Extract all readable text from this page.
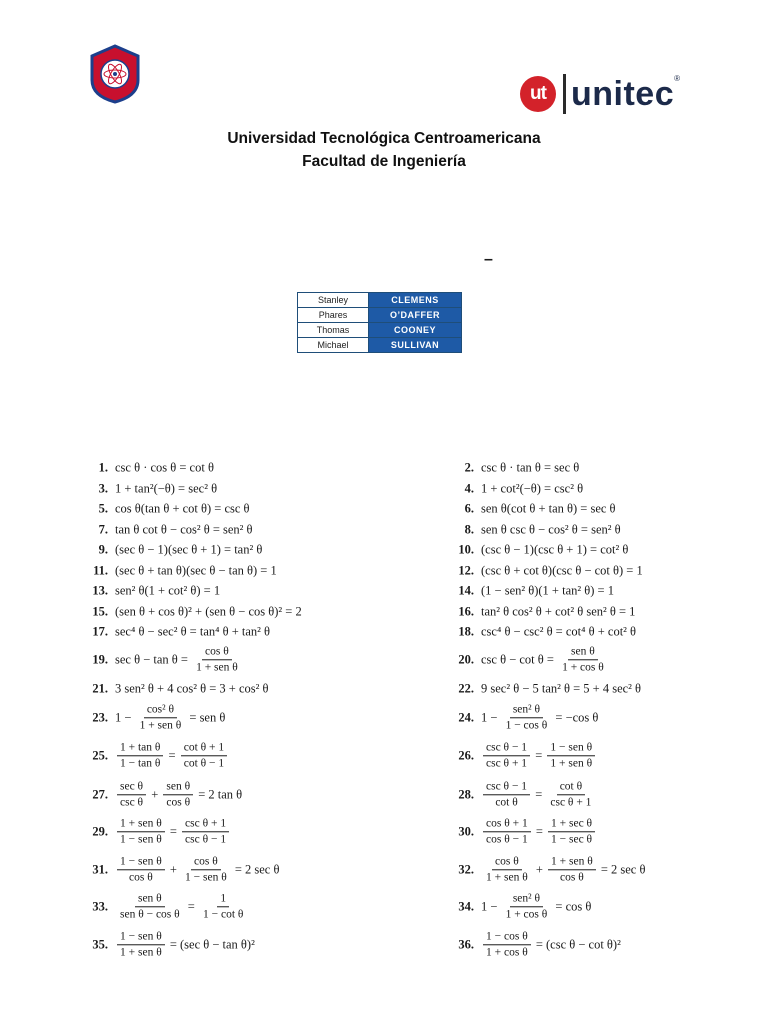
ut unitec ®
Universidad Tecnológica Centroamericana
Facultad de Ingeniería
–
Stanley	CLEMENS
Phares	O’DAFFER
Thomas	COONEY
Michael	SULLIVAN
1. csc θ · cos θ = cot θ	2. csc θ · tan θ = sec θ
3. 1 + tan²(−θ) = sec² θ	4. 1 + cot²(−θ) = csc² θ
5. cos θ(tan θ + cot θ) = csc θ	6. sen θ(cot θ + tan θ) = sec θ
7. tan θ cot θ − cos² θ = sen² θ	8. sen θ csc θ − cos² θ = sen² θ
9. (sec θ − 1)(sec θ + 1) = tan² θ	10. (csc θ − 1)(csc θ + 1) = cot² θ
11. (sec θ + tan θ)(sec θ − tan θ) = 1	12. (csc θ + cot θ)(csc θ − cot θ) = 1
13. sen² θ(1 + cot² θ) = 1	14. (1 − sen² θ)(1 + tan² θ) = 1
15. (sen θ + cos θ)² + (sen θ − cos θ)² = 2	16. tan² θ cos² θ + cot² θ sen² θ = 1
17. sec⁴ θ − sec² θ = tan⁴ θ + tan² θ	18. csc⁴ θ − csc² θ = cot⁴ θ + cot² θ
19. $\sec \theta - \tan \theta = \frac{\text{cos θ}}{\text{1 + sen θ}}$	20. $\csc \theta - \cot \theta = \frac{\text{sen θ}}{\text{1 + cos θ}}$
21. 3 sen² θ + 4 cos² θ = 3 + cos² θ	22. 9 sec² θ − 5 tan² θ = 5 + 4 sec² θ
23. $1 - \frac{\text{cos² θ}}{\text{1 + sen θ}}$ = sen θ	24. $1 - \frac{\text{sen² θ}}{\text{1 − cos θ}} = -\cos$ θ
25. $\frac{\text{1 + tan θ}}{\text{1 − tan θ}} = \frac{\text{cot θ + 1}}{\text{cot θ − 1}}$	26. $\frac{\text{csc θ − 1}}{\text{csc θ + 1}} = \frac{\text{1 − sen θ}}{\text{1 + sen θ}}$
27. $\frac{\text{sec θ}}{\text{csc θ}} + \frac{\text{sen θ}}{\text{cos θ}} = 2$ tan θ	28. $\frac{\text{csc θ − 1}}{\text{cot θ}} = \frac{\text{cot θ}}{\text{csc θ + 1}}$
29. $\frac{\text{1 + sen θ}}{\text{1 − sen θ}} = \frac{\text{csc θ + 1}}{\text{csc θ − 1}}$	30. $\frac{\text{cos θ + 1}}{\text{cos θ − 1}} = \frac{\text{1 + sec θ}}{\text{1 − sec θ}}$
31. $\frac{\text{1 − sen θ}}{\text{cos θ}} + \frac{\text{cos θ}}{\text{1 − sen θ}} = 2$ sec θ	32. $\frac{\text{cos θ}}{\text{1 + sen θ}} + \frac{\text{1 + sen θ}}{\text{cos θ}} = 2$ sec θ
33. $\frac{\text{sen θ}}{\text{sen θ − cos θ}} = \frac{1}{\text{1 − cot θ}}$	34. $1 - \frac{\text{sen² θ}}{\text{1 + cos θ}} = \cos \theta$
35. $\frac{\text{1 − sen θ}}{\text{1 + sen θ}} = (\sec$ θ − tan θ)²	36. $\frac{\text{1 − cos θ}}{\text{1 + cos θ}} = (\csc$ θ − cot θ)²
